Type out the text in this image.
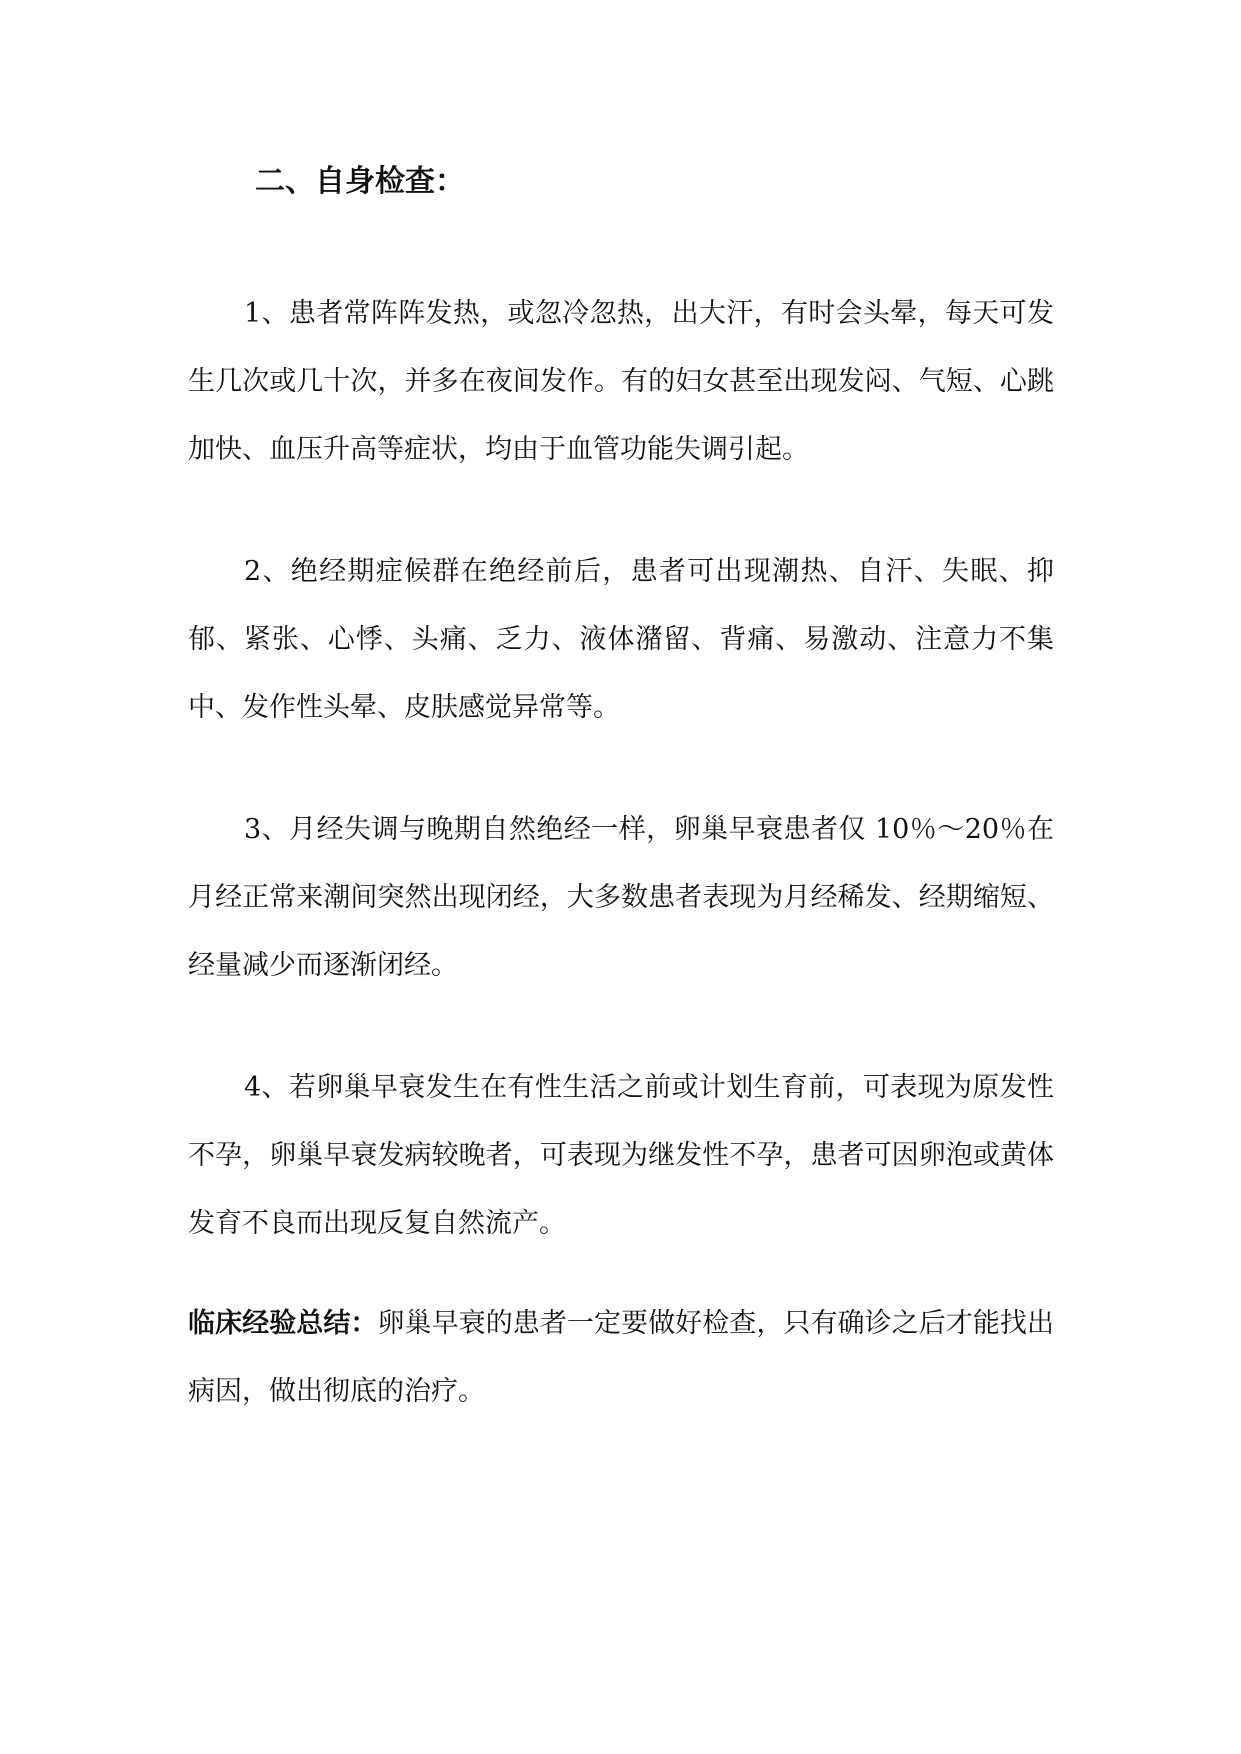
二、自身检查：

1、患者常阵阵发热，或忽冷忽热，出大汗，有时会头晕，每天可发生几次或几十次，并多在夜间发作。有的妇女甚至出现发闷、气短、心跳加快、血压升高等症状，均由于血管功能失调引起。

2、绝经期症候群在绝经前后，患者可出现潮热、自汗、失眠、抑郁、紧张、心悸、头痛、乏力、液体潴留、背痛、易激动、注意力不集中、发作性头晕、皮肤感觉异常等。

3、月经失调与晚期自然绝经一样，卵巢早衰患者仅 10％～20％在月经正常来潮间突然出现闭经，大多数患者表现为月经稀发、经期缩短、经量减少而逐渐闭经。

4、若卵巢早衰发生在有性生活之前或计划生育前，可表现为原发性不孕，卵巢早衰发病较晚者，可表现为继发性不孕，患者可因卵泡或黄体发育不良而出现反复自然流产。

临床经验总结：卵巢早衰的患者一定要做好检查，只有确诊之后才能找出病因，做出彻底的治疗。
